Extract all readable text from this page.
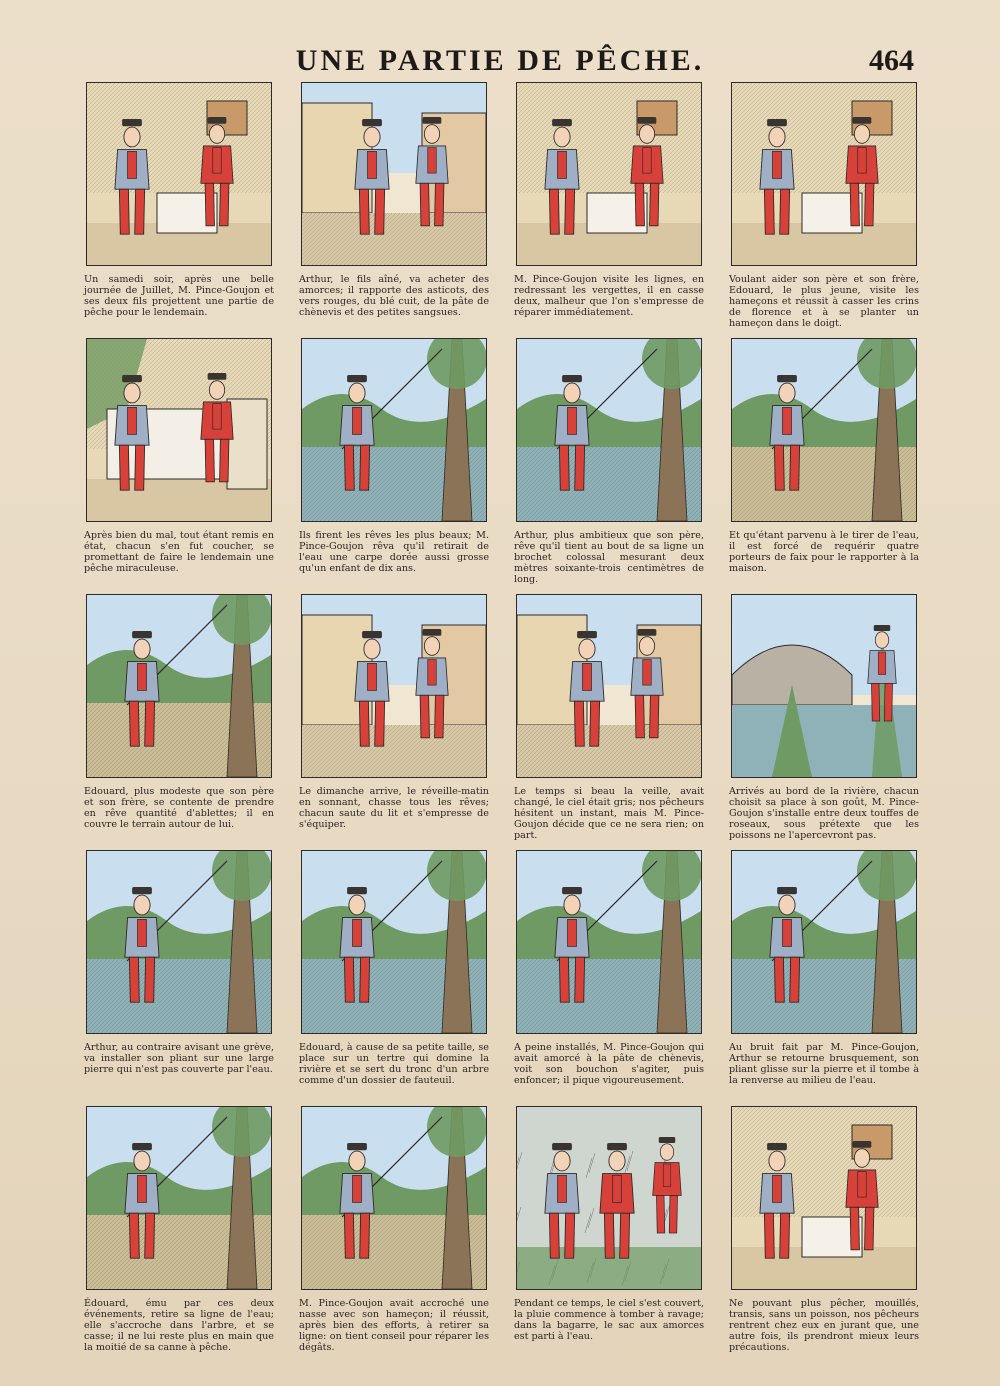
UNE PARTIE DE PÊCHE.	464
Un samedi soir, après une belle journée de Juillet, M. Pince-Goujon et ses deux fils projettent une partie de pêche pour le lendemain.
Arthur, le fils aîné, va acheter des amorces; il rapporte des asticots, des vers rouges, du blé cuit, de la pâte de chènevis et des petites sangsues.
M. Pince-Goujon visite les lignes, en redressant les vergettes, il en casse deux, malheur que l'on s'empresse de réparer immédiatement.
Voulant aider son père et son frère, Edouard, le plus jeune, visite les hameçons et réussit à casser les crins de florence et à se planter un hameçon dans le doigt.
Après bien du mal, tout étant remis en état, chacun s'en fut coucher, se promettant de faire le lendemain une pêche miraculeuse.
Ils firent les rêves les plus beaux; M. Pince-Goujon rêva qu'il retirait de l'eau une carpe dorée aussi grosse qu'un enfant de dix ans.
Arthur, plus ambitieux que son père, rêve qu'il tient au bout de sa ligne un brochet colossal mesurant deux mètres soixante-trois centimètres de long.
Et qu'étant parvenu à le tirer de l'eau, il est forcé de requérir quatre porteurs de faix pour le rapporter à la maison.
Edouard, plus modeste que son père et son frère, se contente de prendre en rêve quantité d'ablettes; il en couvre le terrain autour de lui.
Le dimanche arrive, le réveille-matin en sonnant, chasse tous les rêves; chacun saute du lit et s'empresse de s'équiper.
Le temps si beau la veille, avait changé, le ciel était gris; nos pêcheurs hésitent un instant, mais M. Pince-Goujon décide que ce ne sera rien; on part.
Arrivés au bord de la rivière, chacun choisit sa place à son goût, M. Pince-Goujon s'installe entre deux touffes de roseaux, sous prétexte que les poissons ne l'apercevront pas.
Arthur, au contraire avisant une grève, va installer son pliant sur une large pierre qui n'est pas couverte par l'eau.
Edouard, à cause de sa petite taille, se place sur un tertre qui domine la rivière et se sert du tronc d'un arbre comme d'un dossier de fauteuil.
A peine installés, M. Pince-Goujon qui avait amorcé à la pâte de chènevis, voit son bouchon s'agiter, puis enfoncer; il pique vigoureusement.
Au bruit fait par M. Pince-Goujon, Arthur se retourne brusquement, son pliant glisse sur la pierre et il tombe à la renverse au milieu de l'eau.
Édouard, ému par ces deux événements, retire sa ligne de l'eau; elle s'accroche dans l'arbre, et se casse; il ne lui reste plus en main que la moitié de sa canne à pêche.
M. Pince-Goujon avait accroché une nasse avec son hameçon; il réussit, après bien des efforts, à retirer sa ligne: on tient conseil pour réparer les dégâts.
Pendant ce temps, le ciel s'est couvert, la pluie commence à tomber à ravage; dans la bagarre, le sac aux amorces est parti à l'eau.
Ne pouvant plus pêcher, mouillés, transis, sans un poisson, nos pêcheurs rentrent chez eux en jurant que, une autre fois, ils prendront mieux leurs précautions.
